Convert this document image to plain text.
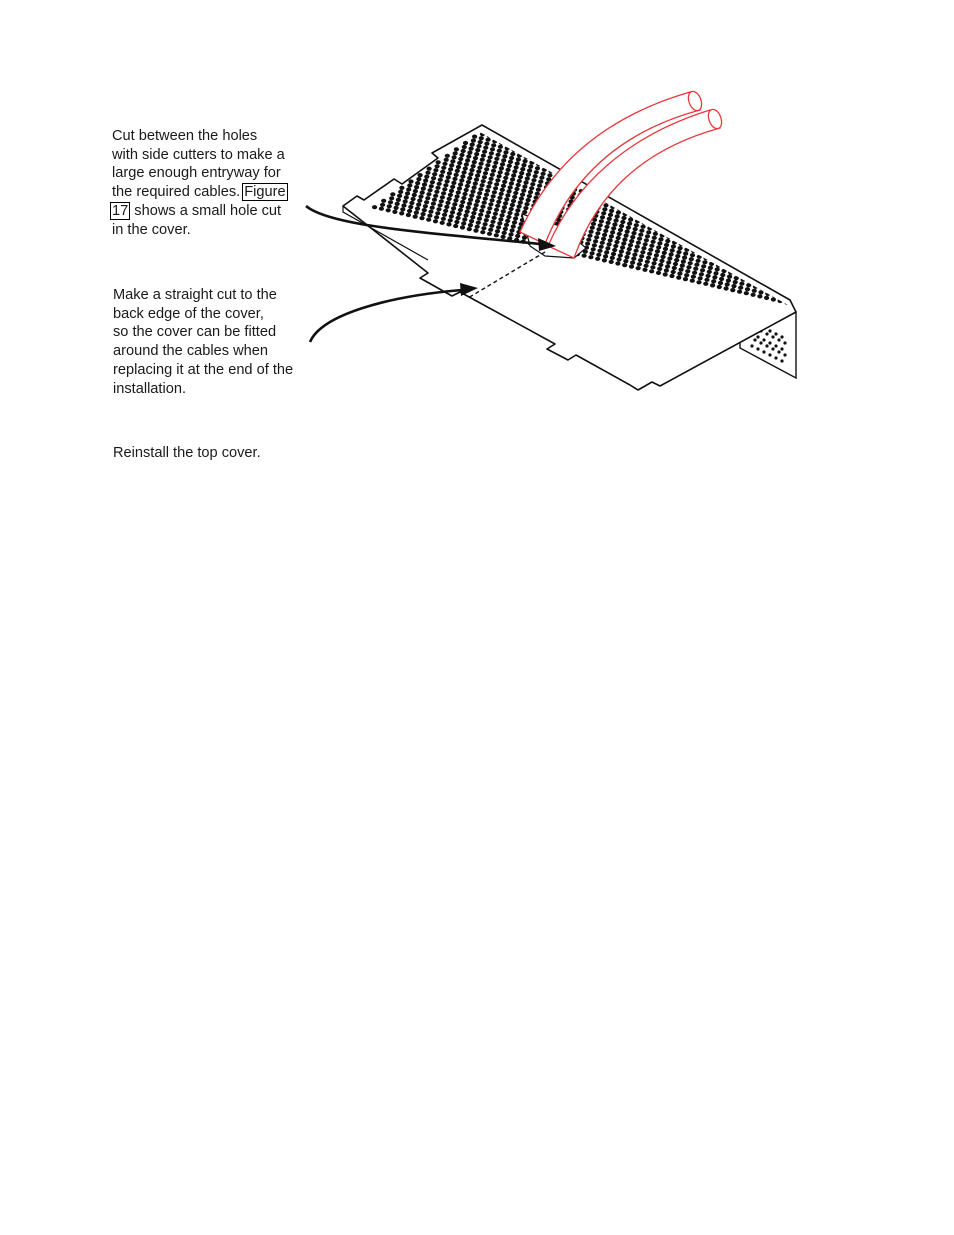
Cut between the holes
with side cutters to make a
large enough entryway for
the required cables. Figure
17 shows a small hole cut
in the cover.

Make a straight cut to the
back edge of the cover,
so the cover can be fitted
around the cables when
replacing it at the end of the
installation.

Reinstall the top cover.
